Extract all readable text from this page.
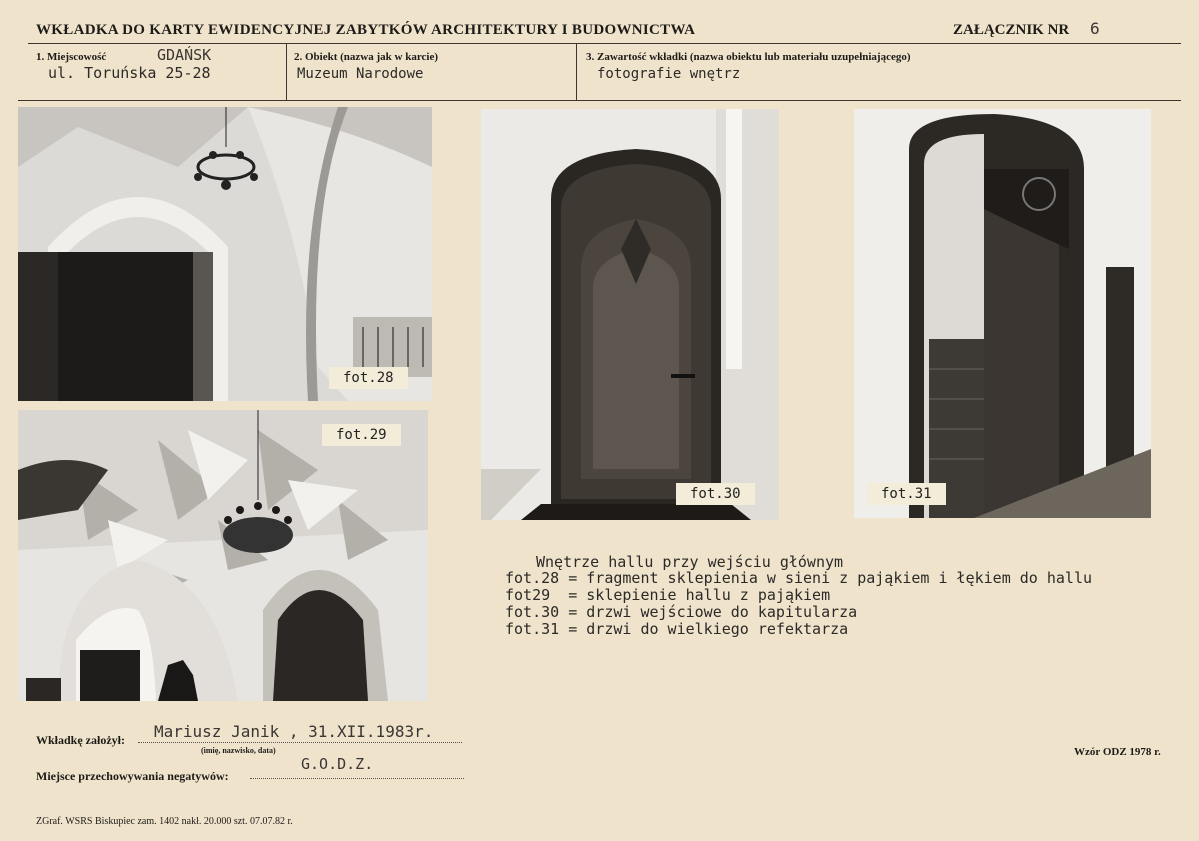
WKŁADKA DO KARTY EWIDENCYJNEJ ZABYTKÓW ARCHITEKTURY I BUDOWNICTWA	ZAŁĄCZNIK NR 6
1. Miejscowość	GDAŃSK
ul. Toruńska 25-28
2. Obiekt (nazwa jak w karcie)
Muzeum Narodowe
3. Zawartość wkładki (nazwa obiektu lub materiału uzupełniającego)
fotografie wnętrz
fot.28
fot.29
fot.30	fot.31
Wnętrze hallu przy wejściu głównym
fot.28 = fragment sklepienia w sieni z pająkiem i łękiem do hallu
fot29  = sklepienie hallu z pająkiem
fot.30 = drzwi wejściowe do kapitularza
fot.31 = drzwi do wielkiego refektarza
Wkładkę założył: Mariusz Janik , 31.XII.1983r.
(imię, nazwisko, data)
Miejsce przechowywania negatywów:
G.O.D.Z.
Wzór ODZ 1978 r.
ZGraf. WSRS Biskupiec zam. 1402 nakł. 20.000 szt. 07.07.82 r.
